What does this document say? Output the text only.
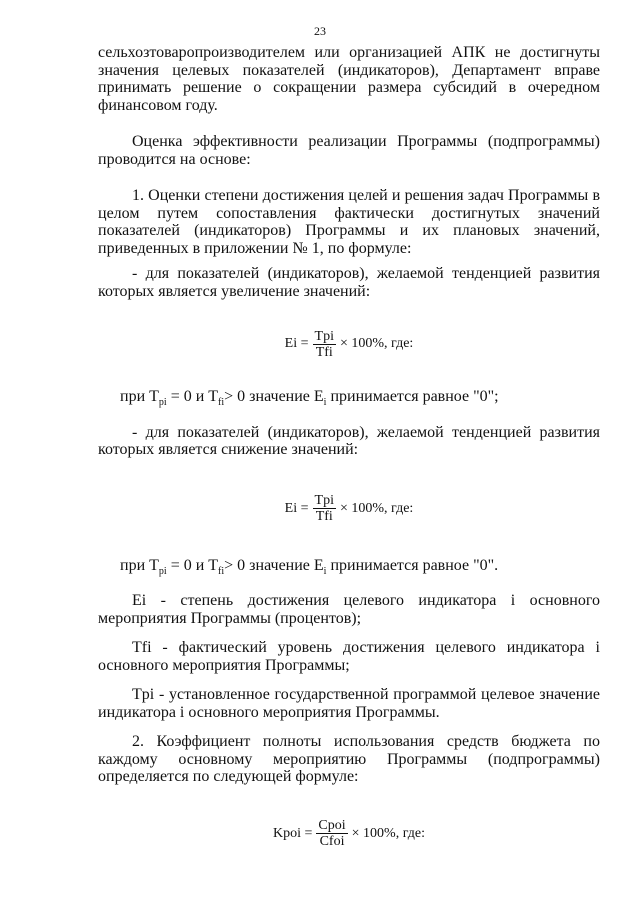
23

сельхозтоваропроизводителем или организацией АПК не достигнуты значения целевых показателей (индикаторов), Департамент вправе принимать решение о сокращении размера субсидий в очередном финансовом году.

Оценка эффективности реализации Программы (подпрограммы) проводится на основе:

1. Оценки степени достижения целей и решения задач Программы в целом путем сопоставления фактически достигнутых значений показателей (индикаторов) Программы и их плановых значений, приведенных в приложении № 1, по формуле:

- для показателей (индикаторов), желаемой тенденцией развития которых является увеличение значений:

$Ei = \frac{\text{Tpi}}{\text{Tfi}} \times 100\%$, где:

при $T_{pi} = 0$ и $T_{fi}> 0$ значение $E_i$ принимается равное "0";

- для показателей (индикаторов), желаемой тенденцией развития которых является снижение значений:

$Ei = \frac{\text{Tpi}}{\text{Tfi}} \times 100\%$, где:

при $T_{pi} = 0$ и $T_{fi}> 0$ значение $E_i$ принимается равное "0".

Ei - степень достижения целевого индикатора i основного мероприятия Программы (процентов);

Tfi - фактический уровень достижения целевого индикатора i основного мероприятия Программы;

Tpi - установленное государственной программой целевое значение индикатора i основного мероприятия Программы.

2. Коэффициент полноты использования средств бюджета по каждому основному мероприятию Программы (подпрограммы) определяется по следующей формуле:

Kpoi = $\frac{\text{Cpoi}}{\text{Cfoi}} \times 100\%$, где:
